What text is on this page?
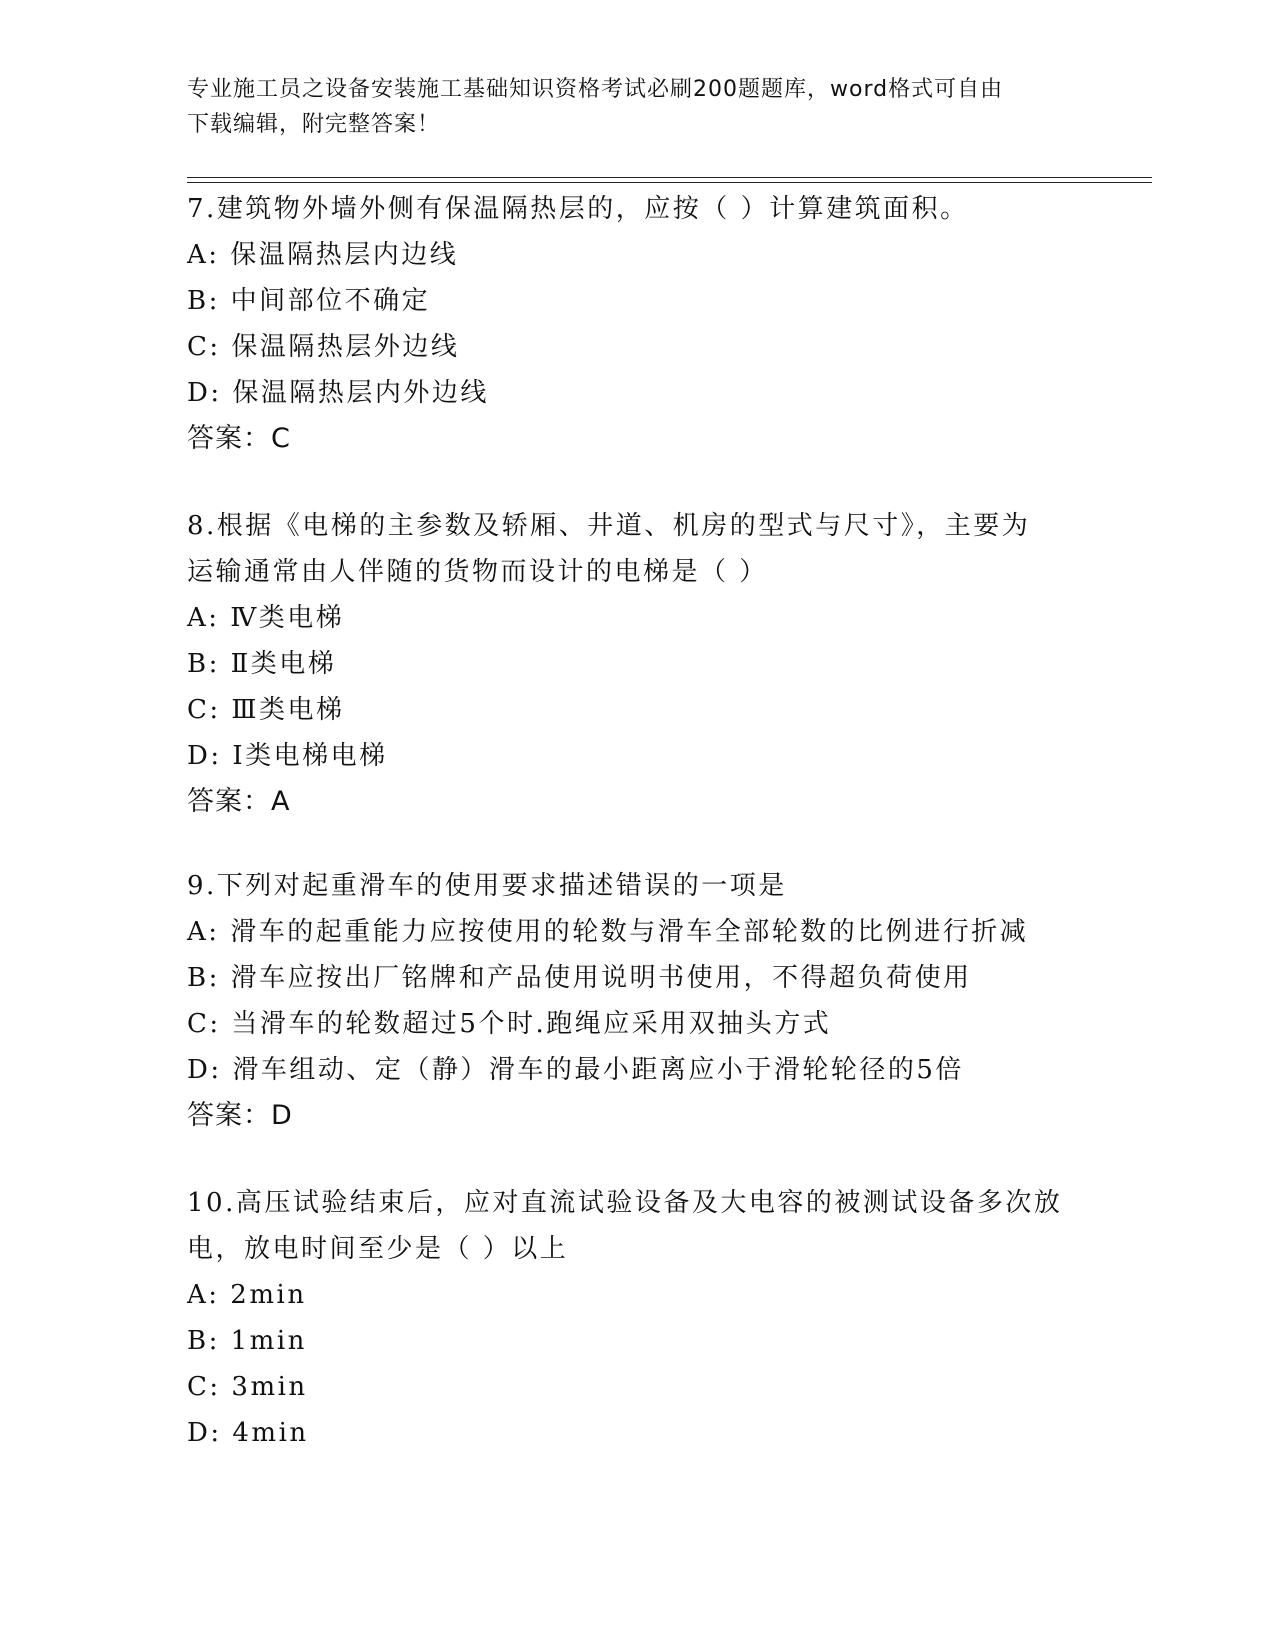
专业施工员之设备安装施工基础知识资格考试必刷200题题库，word格式可自由
下载编辑，附完整答案！
7.建筑物外墙外侧有保温隔热层的，应按（ ）计算建筑面积。
A: 保温隔热层内边线
B: 中间部位不确定
C: 保温隔热层外边线
D: 保温隔热层内外边线
答案：C
8.根据《电梯的主参数及轿厢、井道、机房的型式与尺寸》，主要为
运输通常由人伴随的货物而设计的电梯是（ ）
A: Ⅳ类电梯
B: Ⅱ类电梯
C: Ⅲ类电梯
D: Ⅰ类电梯电梯
答案：A
9.下列对起重滑车的使用要求描述错误的一项是
A: 滑车的起重能力应按使用的轮数与滑车全部轮数的比例进行折减
B: 滑车应按出厂铭牌和产品使用说明书使用，不得超负荷使用
C: 当滑车的轮数超过5个时.跑绳应采用双抽头方式
D: 滑车组动、定（静）滑车的最小距离应小于滑轮轮径的5倍
答案：D
10.高压试验结束后，应对直流试验设备及大电容的被测试设备多次放
电，放电时间至少是（ ）以上
A: 2min
B: 1min
C: 3min
D: 4min
